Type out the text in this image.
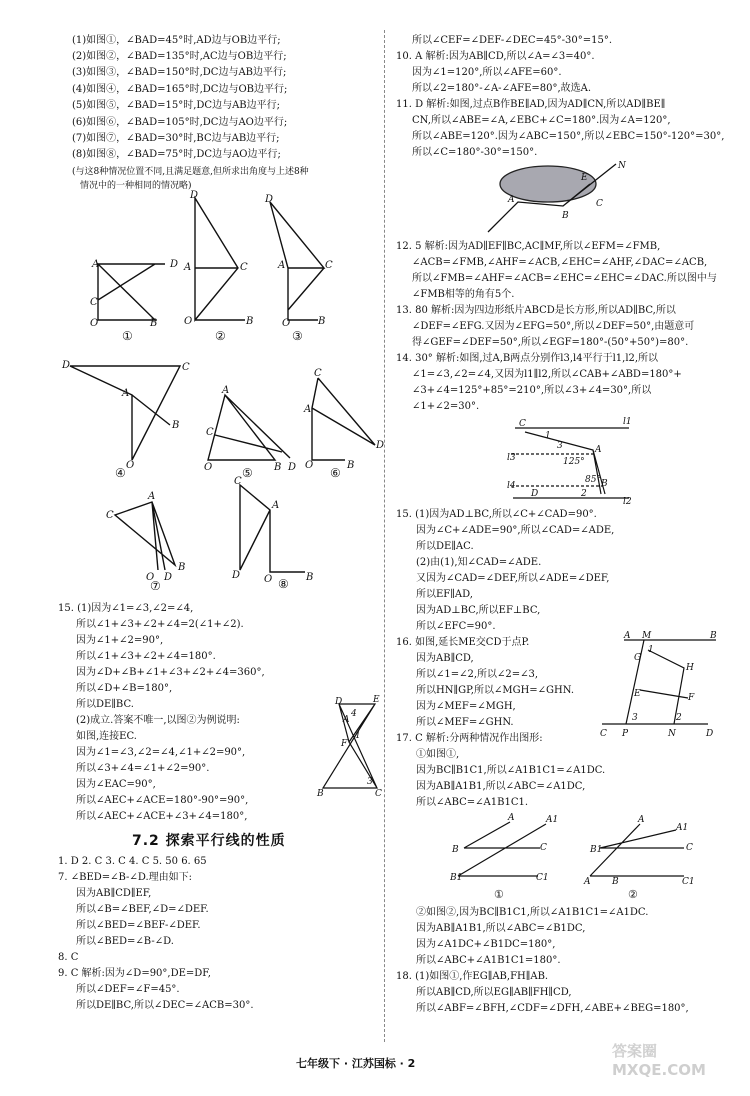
(1)如图①，∠BAD=45°时,AD边与OB边平行;
(2)如图②，∠BAD=135°时,AC边与OB边平行;
(3)如图③，∠BAD=150°时,DC边与AB边平行;
(4)如图④，∠BAD=165°时,DC边与OB边平行;
(5)如图⑤，∠BAD=15°时,DC边与AB边平行;
(6)如图⑥，∠BAD=105°时,DC边与AO边平行;
(7)如图⑦，∠BAD=30°时,BC边与AB边平行;
(8)如图⑧，∠BAD=75°时,DC边与AO边平行;
(与这8种情况位置不同,且满足题意,但所求出角度与上述8种
情况中的一种相同的情况略)
A	D
C
O	B
D
A	C
O	B
D
A	C
O	B
D	C
A
B
O
A
C
O	B D
C
A
D
O	B
A
C
O D
B
C
A
D O	B
①	②	③
④	⑤	⑥
⑦	⑧
15. (1)因为∠1=∠3,∠2=∠4,
所以∠1+∠3+∠2+∠4=2(∠1+∠2).
因为∠1+∠2=90°,
所以∠1+∠3+∠2+∠4=180°.
因为∠D+∠B+∠1+∠3+∠2+∠4=360°,
所以∠D+∠B=180°,
所以DE∥BC.
(2)成立.答案不唯一,以图②为例说明:
如图,连接EC.
因为∠1=∠3,∠2=∠4,∠1+∠2=90°,
所以∠3+∠4=∠1+∠2=90°.
因为∠EAC=90°,
所以∠AEC+∠ACE=180°-90°=90°,
所以∠AEC+∠ACE+∠3+∠4=180°,
D	E
4
A
F
1
B
3
C
7.2 探索平行线的性质
1. D 2. C 3. C 4. C 5. 50 6. 65
7. ∠BED=∠B-∠D.理由如下:
因为AB∥CD∥EF,
所以∠B=∠BEF,∠D=∠DEF.
所以∠BED=∠BEF-∠DEF.
所以∠BED=∠B-∠D.
8. C
9. C 解析:因为∠D=90°,DE=DF,
所以∠DEF=∠F=45°.
所以DE∥BC,所以∠DEC=∠ACB=30°.
所以∠CEF=∠DEF-∠DEC=45°-30°=15°.
10. A 解析:因为AB∥CD,所以∠A=∠3=40°.
因为∠1=120°,所以∠AFE=60°.
所以∠2=180°-∠A-∠AFE=80°,故选A.
11. D 解析:如图,过点B作BE∥AD,因为AD∥CN,所以AD∥BE∥
CN,所以∠ABE=∠A,∠EBC+∠C=180°.因为∠A=120°,
所以∠ABE=120°.因为∠ABC=150°,所以∠EBC=150°-120°=30°,
所以∠C=180°-30°=150°.
A
B
C
E
N
12. 5 解析:因为AD∥EF∥BC,AC∥MF,所以∠EFM=∠FMB,
∠ACB=∠FMB,∠AHF=∠ACB,∠EHC=∠AHF,∠DAC=∠ACB,
所以∠FMB=∠AHF=∠ACB=∠EHC=∠EHC=∠DAC.所以图中与
∠FMB相等的角有5个.
13. 80 解析:因为四边形纸片ABCD是长方形,所以AD∥BC,所以
∠DEF=∠EFG.又因为∠EFG=50°,所以∠DEF=50°,由题意可
得∠GEF=∠DEF=50°,所以∠EGF=180°-(50°+50°)=80°.
14. 30° 解析:如图,过A,B两点分别作l3,l4平行于l1,l2,所以
∠1=∠3,∠2=∠4,又因为l1∥l2,所以∠CAB+∠ABD=180°+
∠3+∠4=125°+85°=210°,所以∠3+∠4=30°,所以
∠1+∠2=30°.
C	l1
1
3
l3
A
125°
85°
l4	B
D	2
l2
15. (1)因为AD⊥BC,所以∠C+∠CAD=90°.
因为∠C+∠ADE=90°,所以∠CAD=∠ADE,
所以DE∥AC.
(2)由(1),知∠CAD=∠ADE.
又因为∠CAD=∠DEF,所以∠ADE=∠DEF,
所以EF∥AD,
因为AD⊥BC,所以EF⊥BC,
所以∠EFC=90°.
16. 如图,延长ME交CD于点P.
因为AB∥CD,
所以∠1=∠2,所以∠2=∠3,
所以HN∥GP,所以∠MGH=∠GHN.
因为∠MEF=∠MGH,
所以∠MEF=∠GHN.
A M	B
1
G
H
E	F
3	2
C P	N	D
17. C 解析:分两种情况作出图形:
①如图①,
因为BC∥B1C1,所以∠A1B1C1=∠A1DC.
因为AB∥A1B1,所以∠ABC=∠A1DC,
所以∠ABC=∠A1B1C1.
A	A1
B	C
B1	C1
A
A1
B1	C
A B	C1
①	②
②如图②,因为BC∥B1C1,所以∠A1B1C1=∠A1DC.
因为AB∥A1B1,所以∠ABC=∠B1DC,
因为∠A1DC+∠B1DC=180°,
所以∠ABC+∠A1B1C1=180°.
18. (1)如图①,作EG∥AB,FH∥AB.
所以AB∥CD,所以EG∥AB∥FH∥CD,
所以∠ABF=∠BFH,∠CDF=∠DFH,∠ABE+∠BEG=180°,
七年级下 · 江苏国标 · 2
答案圈 MXQE.COM
